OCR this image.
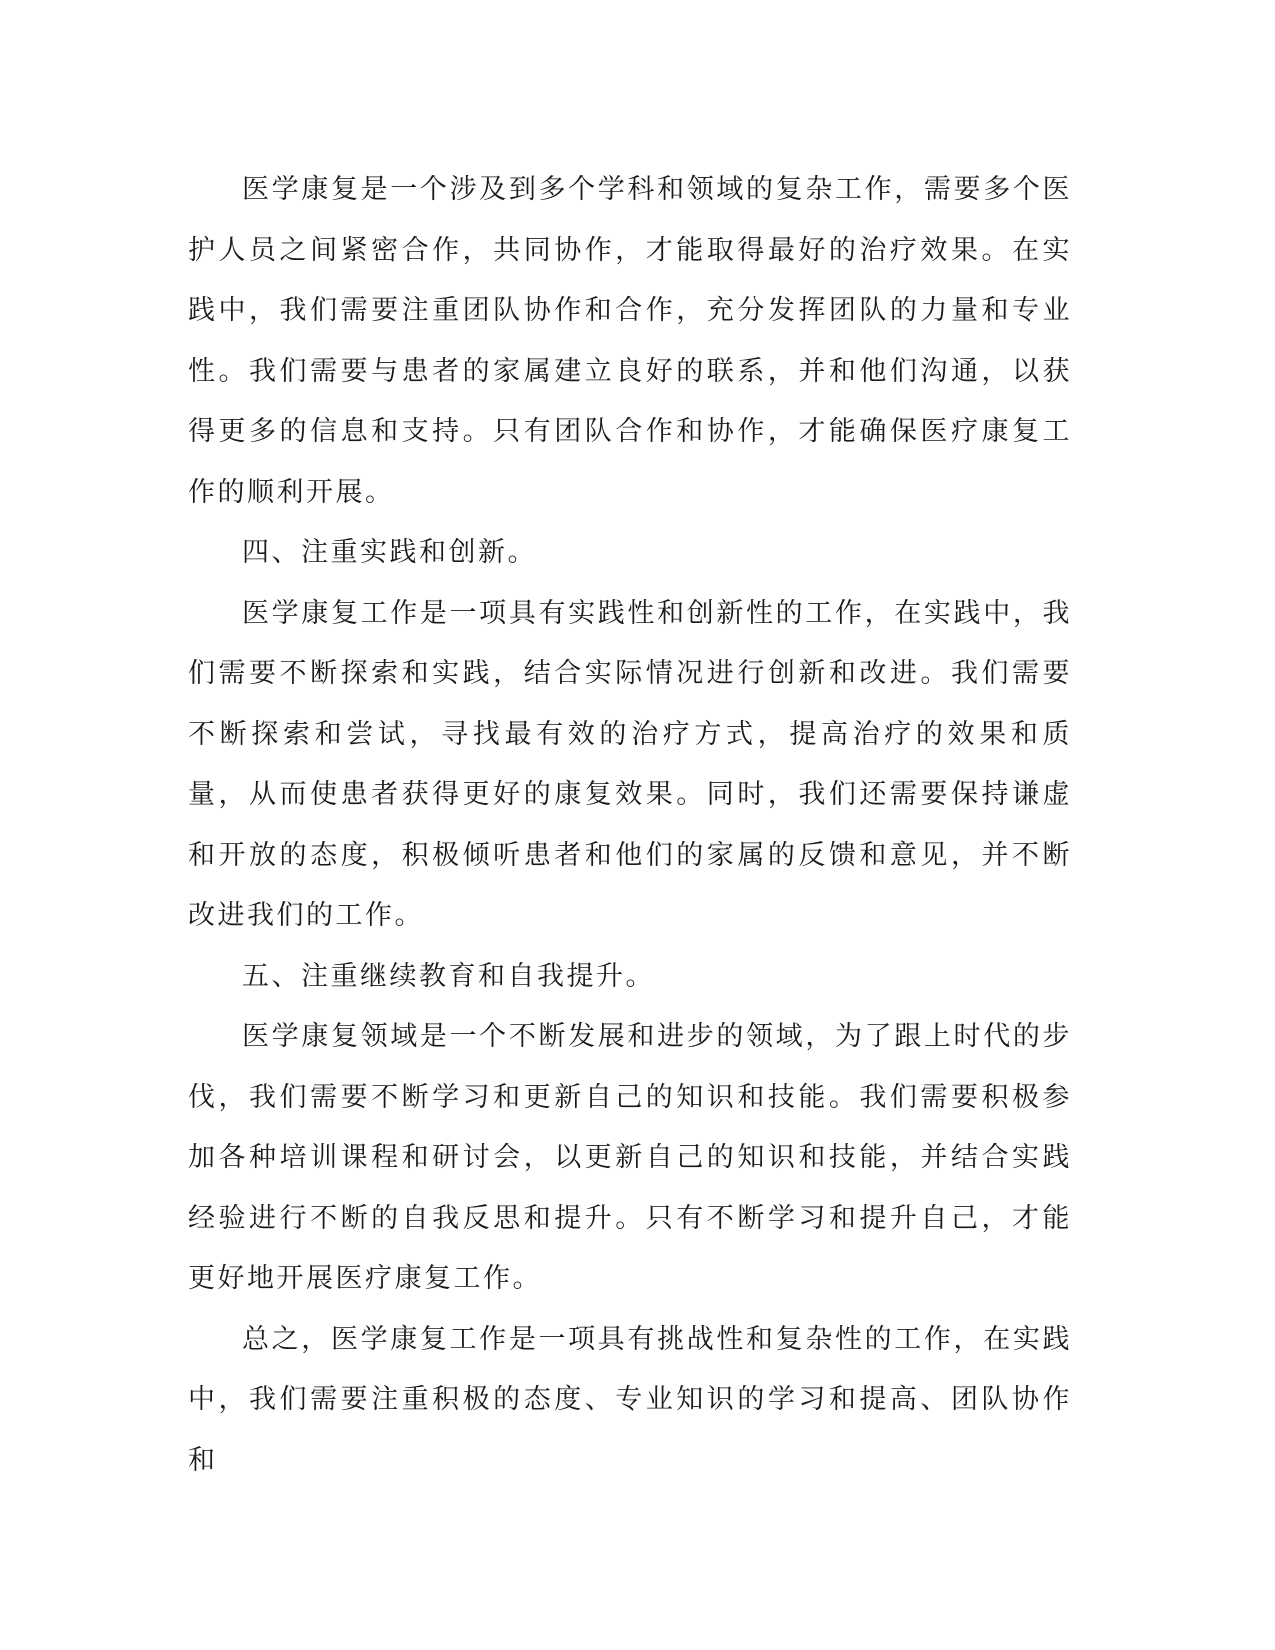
医学康复是一个涉及到多个学科和领域的复杂工作，需要多个医护人员之间紧密合作，共同协作，才能取得最好的治疗效果。在实践中，我们需要注重团队协作和合作，充分发挥团队的力量和专业性。我们需要与患者的家属建立良好的联系，并和他们沟通，以获得更多的信息和支持。只有团队合作和协作，才能确保医疗康复工作的顺利开展。

四、注重实践和创新。

医学康复工作是一项具有实践性和创新性的工作，在实践中，我们需要不断探索和实践，结合实际情况进行创新和改进。我们需要不断探索和尝试，寻找最有效的治疗方式，提高治疗的效果和质量，从而使患者获得更好的康复效果。同时，我们还需要保持谦虚和开放的态度，积极倾听患者和他们的家属的反馈和意见，并不断改进我们的工作。

五、注重继续教育和自我提升。

医学康复领域是一个不断发展和进步的领域，为了跟上时代的步伐，我们需要不断学习和更新自己的知识和技能。我们需要积极参加各种培训课程和研讨会，以更新自己的知识和技能，并结合实践经验进行不断的自我反思和提升。只有不断学习和提升自己，才能更好地开展医疗康复工作。

总之，医学康复工作是一项具有挑战性和复杂性的工作，在实践中，我们需要注重积极的态度、专业知识的学习和提高、团队协作和
